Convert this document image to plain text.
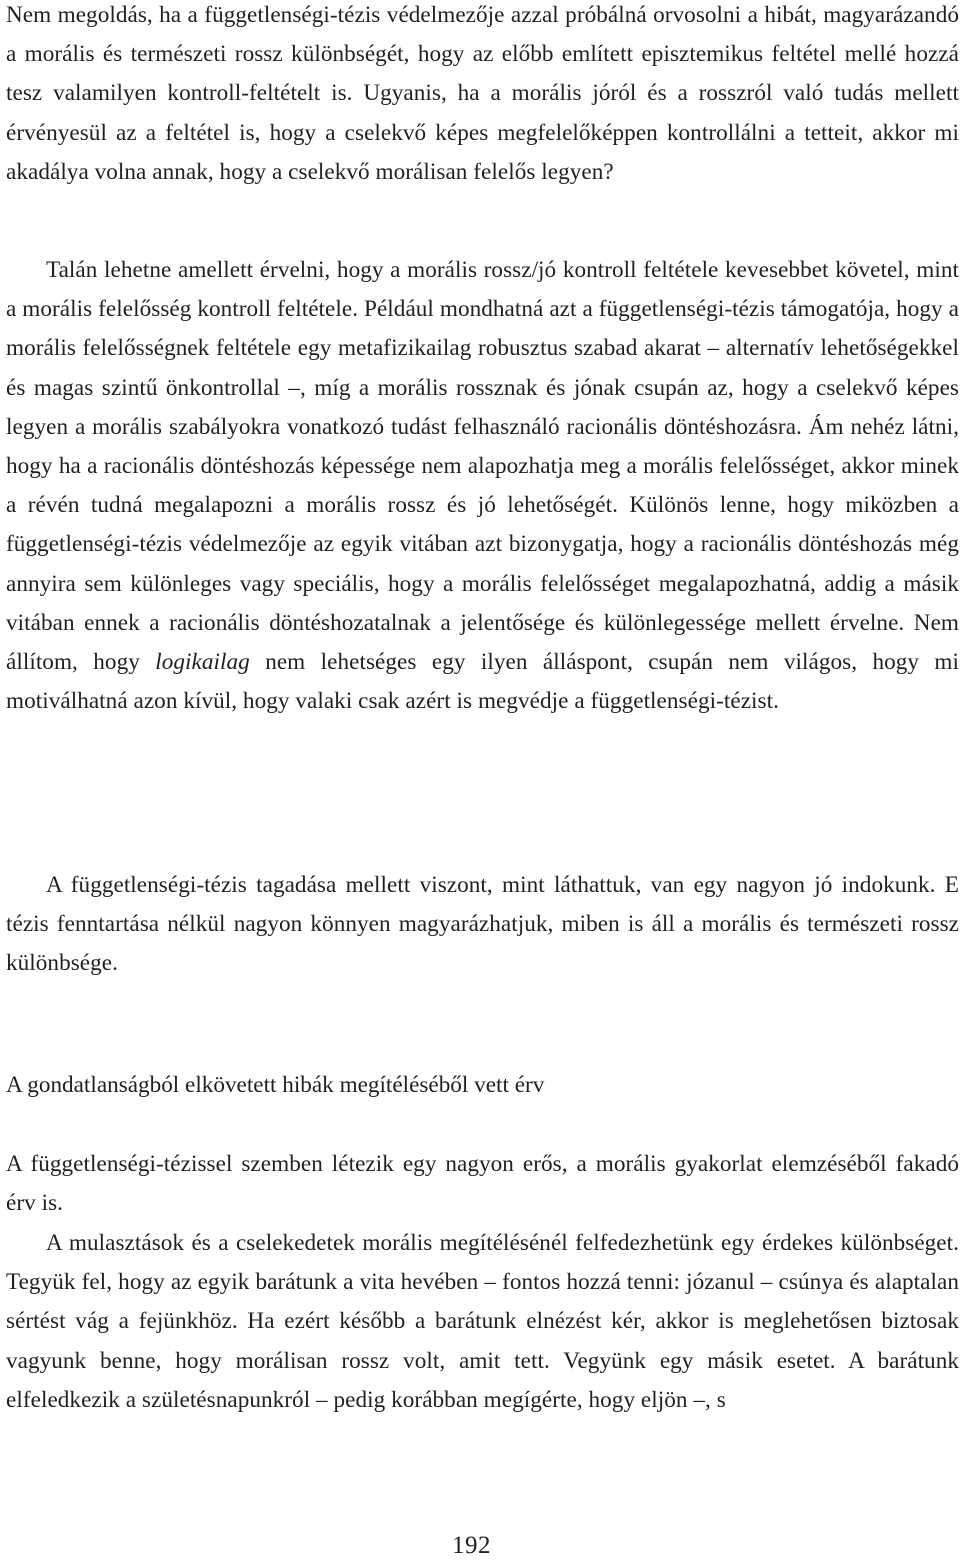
Nem megoldás, ha a függetlenségi-tézis védelmezője azzal próbálná orvosolni a hibát, magyarázandó a morális és természeti rossz különbségét, hogy az előbb említett episztemikus feltétel mellé hozzá tesz valamilyen kontroll-feltételt is. Ugyanis, ha a morális jóról és a rosszról való tudás mellett érvényesül az a feltétel is, hogy a cselekvő képes megfelelőképpen kontrollálni a tetteit, akkor mi akadálya volna annak, hogy a cselekvő morálisan felelős legyen?

Talán lehetne amellett érvelni, hogy a morális rossz/jó kontroll feltétele kevesebbet követel, mint a morális felelősség kontroll feltétele. Például mondhatná azt a függetlenségi-tézis támogatója, hogy a morális felelősségnek feltétele egy metafizikailag robusztus szabad akarat – alternatív lehetőségekkel és magas szintű önkontrollal –, míg a morális rossznak és jónak csupán az, hogy a cselekvő képes legyen a morális szabályokra vonatkozó tudást felhasználó racionális döntéshozásra. Ám nehéz látni, hogy ha a racionális döntéshozás képessége nem alapozhatja meg a morális felelősséget, akkor minek a révén tudná megalapozni a morális rossz és jó lehetőségét. Különös lenne, hogy miközben a függetlenségi-tézis védelmezője az egyik vitában azt bizonygatja, hogy a racionális döntéshozás még annyira sem különleges vagy speciális, hogy a morális felelősséget megalapozhatná, addig a másik vitában ennek a racionális döntéshozatalnak a jelentősége és különlegessége mellett érvelne. Nem állítom, hogy logikailag nem lehetséges egy ilyen álláspont, csupán nem világos, hogy mi motiválhatná azon kívül, hogy valaki csak azért is megvédje a függetlenségi-tézist.

A függetlenségi-tézis tagadása mellett viszont, mint láthattuk, van egy nagyon jó indokunk. E tézis fenntartása nélkül nagyon könnyen magyarázhatjuk, miben is áll a morális és természeti rossz különbsége.

A gondatlanságból elkövetett hibák megítéléséből vett érv

A függetlenségi-tézissel szemben létezik egy nagyon erős, a morális gyakorlat elemzéséből fakadó érv is.

A mulasztások és a cselekedetek morális megítélésénél felfedezhetünk egy érdekes különbséget. Tegyük fel, hogy az egyik barátunk a vita hevében – fontos hozzá tenni: józanul – csúnya és alaptalan sértést vág a fejünkhöz. Ha ezért később a barátunk elnézést kér, akkor is meglehetősen biztosak vagyunk benne, hogy morálisan rossz volt, amit tett. Vegyünk egy másik esetet. A barátunk elfeledkezik a születésnapunkról – pedig korábban megígérte, hogy eljön –, s

192
